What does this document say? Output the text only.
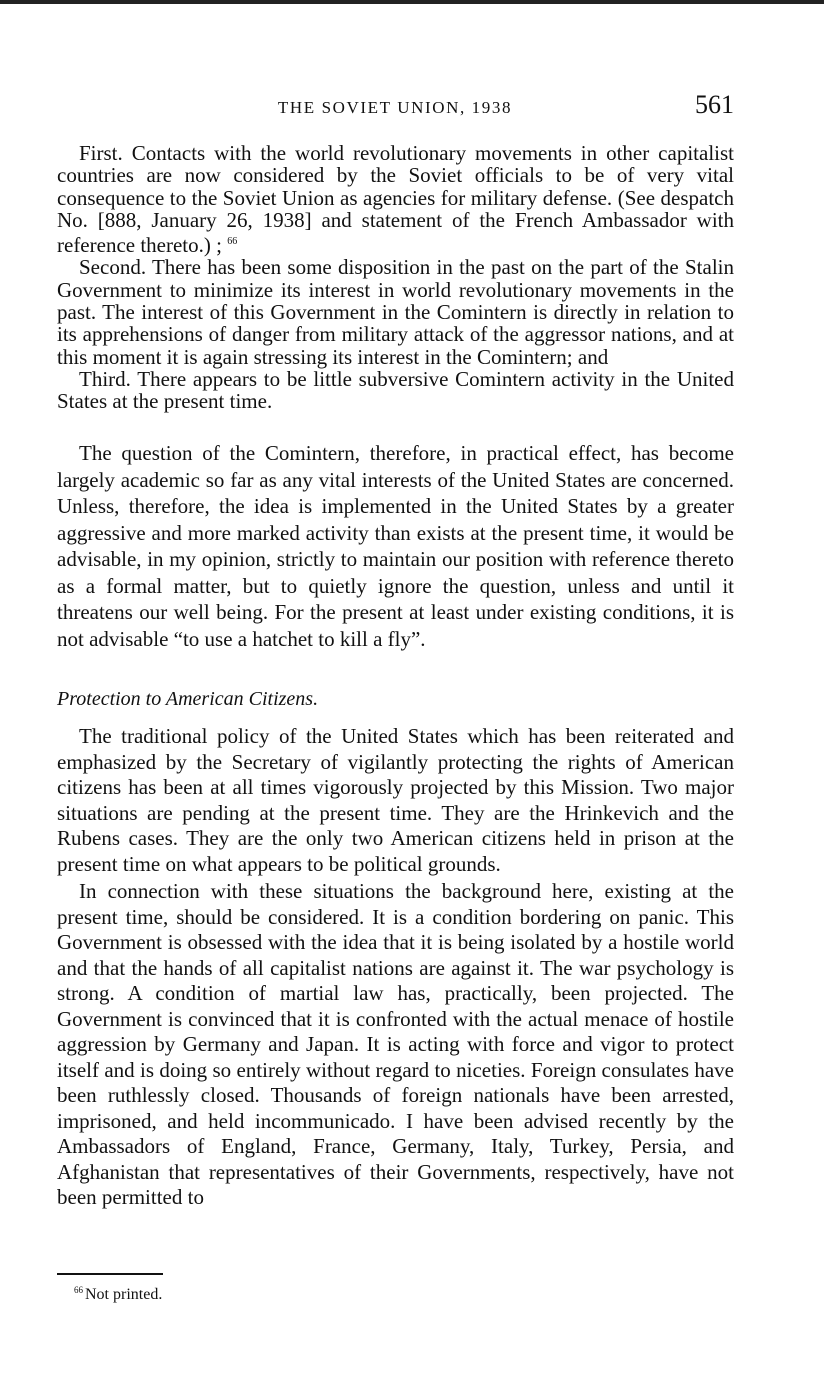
THE SOVIET UNION, 1938	561

First. Contacts with the world revolutionary movements in other capitalist countries are now considered by the Soviet officials to be of very vital consequence to the Soviet Union as agencies for military defense. (See despatch No. [888, January 26, 1938] and statement of the French Ambassador with reference thereto.) ; $^{66}$

Second. There has been some disposition in the past on the part of the Stalin Government to minimize its interest in world revolutionary movements in the past. The interest of this Government in the Comintern is directly in relation to its apprehensions of danger from military attack of the aggressor nations, and at this moment it is again stressing its interest in the Comintern; and

Third. There appears to be little subversive Comintern activity in the United States at the present time.

The question of the Comintern, therefore, in practical effect, has become largely academic so far as any vital interests of the United States are concerned. Unless, therefore, the idea is implemented in the United States by a greater aggressive and more marked activity than exists at the present time, it would be advisable, in my opinion, strictly to maintain our position with reference thereto as a formal matter, but to quietly ignore the question, unless and until it threatens our well being. For the present at least under existing conditions, it is not advisable “to use a hatchet to kill a fly”.

Protection to American Citizens.

The traditional policy of the United States which has been reiterated and emphasized by the Secretary of vigilantly protecting the rights of American citizens has been at all times vigorously projected by this Mission. Two major situations are pending at the present time. They are the Hrinkevich and the Rubens cases. They are the only two American citizens held in prison at the present time on what appears to be political grounds.

In connection with these situations the background here, existing at the present time, should be considered. It is a condition bordering on panic. This Government is obsessed with the idea that it is being isolated by a hostile world and that the hands of all capitalist nations are against it. The war psychology is strong. A condition of martial law has, practically, been projected. The Government is convinced that it is confronted with the actual menace of hostile aggression by Germany and Japan. It is acting with force and vigor to protect itself and is doing so entirely without regard to niceties. Foreign consulates have been ruthlessly closed. Thousands of foreign nationals have been arrested, imprisoned, and held incommunicado. I have been advised recently by the Ambassadors of England, France, Germany, Italy, Turkey, Persia, and Afghanistan that representatives of their Governments, respectively, have not been permitted to

$^{66}$ Not printed.
